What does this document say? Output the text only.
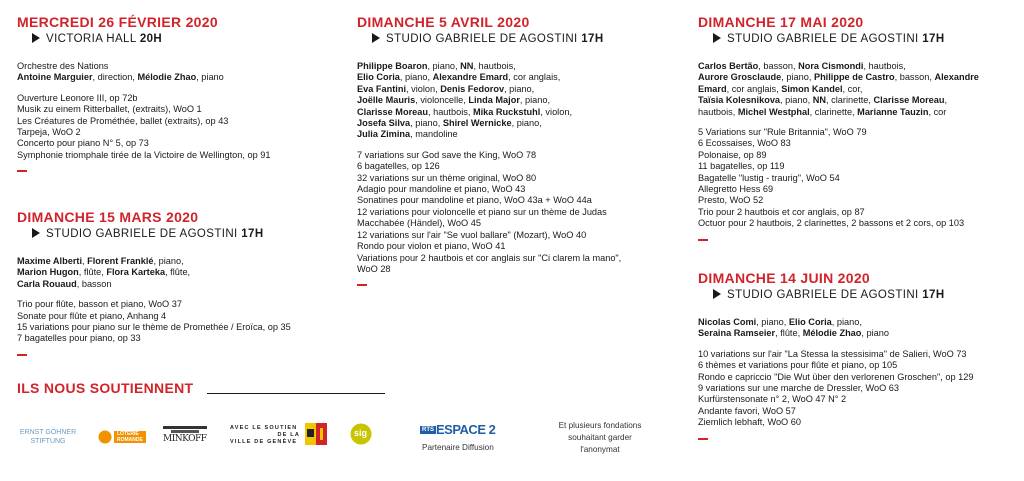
MERCREDI 26 FÉVRIER 2020
VICTORIA HALL 20H
Orchestre des Nations
Antoine Marguier, direction, Mélodie Zhao, piano
Ouverture Leonore III, op 72b
Musik zu einem Ritterballet, (extraits), WoO 1
Les Créatures de Prométhée, ballet (extraits), op 43
Tarpeja, WoO 2
Concerto pour piano N° 5, op 73
Symphonie triomphale tirée de la Victoire de Wellington, op 91
DIMANCHE 15 MARS 2020
STUDIO GABRIELE DE AGOSTINI 17H
Maxime Alberti, Florent Franklé, piano,
Marion Hugon, flûte, Flora Karteka, flûte,
Carla Rouaud, basson
Trio pour flûte, basson et piano, WoO 37
Sonate pour flûte et piano, Anhang 4
15 variations pour piano sur le thème de Promethée / Eroïca, op 35
7 bagatelles pour piano, op 33
DIMANCHE 5 AVRIL 2020
STUDIO GABRIELE DE AGOSTINI 17H
Philippe Boaron, piano, NN, hautbois,
Elio Coria, piano, Alexandre Emard, cor anglais,
Eva Fantini, violon, Denis Fedorov, piano,
Joëlle Mauris, violoncelle, Linda Major, piano,
Clarisse Moreau, hautbois, Mika Ruckstuhl, violon,
Josefa Silva, piano, Shirel Wernicke, piano,
Julia Zimina, mandoline
7 variations sur God save the King, WoO 78
6 bagatelles, op 126
32 variations sur un thème original, WoO 80
Adagio pour mandoline et piano, WoO 43
Sonatines pour mandoline et piano, WoO 43a + WoO 44a
12 variations pour violoncelle et piano sur un thème de Judas
Macchabée (Händel), WoO 45
12 variations sur l'air "Se vuol ballare" (Mozart), WoO 40
Rondo pour violon et piano, WoO 41
Variations pour 2 hautbois et cor anglais sur "Ci clarem la mano",
WoO 28
DIMANCHE 17 MAI 2020
STUDIO GABRIELE DE AGOSTINI 17H
Carlos Bertão, basson, Nora Cismondi, hautbois,
Aurore Grosclaude, piano, Philippe de Castro, basson, Alexandre
Emard, cor anglais, Simon Kandel, cor,
Taïsia Kolesnikova, piano, NN, clarinette, Clarisse Moreau,
hautbois, Michel Westphal, clarinette, Marianne Tauzin, cor
5 Variations sur "Rule Britannia", WoO 79
6 Ecossaises, WoO 83
Polonaise, op 89
11 bagatelles, op 119
Bagatelle "lustig - traurig", WoO 54
Allegretto Hess 69
Presto, WoO 52
Trio pour 2 hautbois et cor anglais, op 87
Octuor pour 2 hautbois, 2 clarinettes, 2 bassons et 2 cors, op 103
DIMANCHE 14 JUIN 2020
STUDIO GABRIELE DE AGOSTINI 17H
Nicolas Comi, piano, Elio Coria, piano,
Seraina Ramseier, flûte, Mélodie Zhao, piano
10 variations sur l'air "La Stessa la stessisima" de Salieri, WoO 73
6 thèmes et variations pour flûte et piano, op 105
Rondo e capriccio "Die Wut über den verlorenen Groschen", op 129
9 variations sur une marche de Dressler, WoO 63
Kurfürstensonate n° 2, WoO 47 N° 2
Andante favori, WoO 57
Ziemlich lebhaft, WoO 60
ILS NOUS SOUTIENNENT
ERNST GÖHNER
STIFTUNG
LOTERIE
ROMANDE MINKOFF
AVEC LE SOUTIEN
DE LA
VILLE DE GENÈVE
sig	RTS ESPACE 2
Partenaire Diffusion
Et plusieurs fondations
souhaitant garder
l'anonymat
